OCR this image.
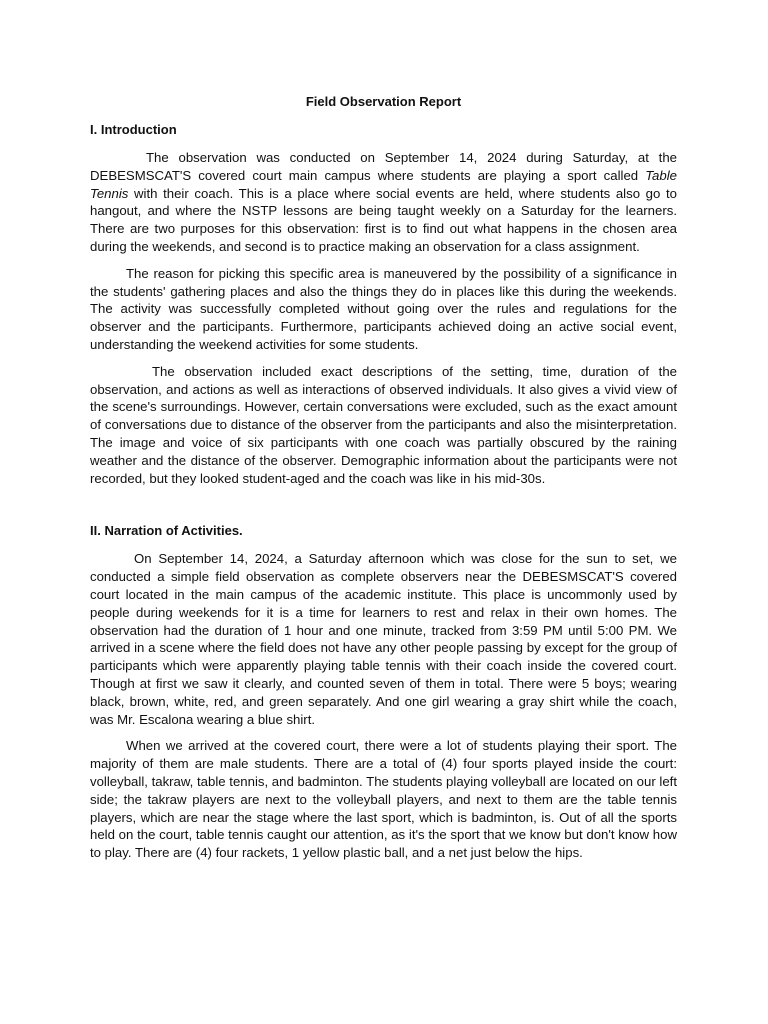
Field Observation Report
I. Introduction

The observation was conducted on September 14, 2024 during Saturday, at the DEBESMSCAT'S covered court main campus where students are playing a sport called Table Tennis with their coach. This is a place where social events are held, where students also go to hangout, and where the NSTP lessons are being taught weekly on a Saturday for the learners. There are two purposes for this observation: first is to find out what happens in the chosen area during the weekends, and second is to practice making an observation for a class assignment.

The reason for picking this specific area is maneuvered by the possibility of a significance in the students' gathering places and also the things they do in places like this during the weekends. The activity was successfully completed without going over the rules and regulations for the observer and the participants. Furthermore, participants achieved doing an active social event, understanding the weekend activities for some students.

The observation included exact descriptions of the setting, time, duration of the observation, and actions as well as interactions of observed individuals. It also gives a vivid view of the scene's surroundings. However, certain conversations were excluded, such as the exact amount of conversations due to distance of the observer from the participants and also the misinterpretation. The image and voice of six participants with one coach was partially obscured by the raining weather and the distance of the observer. Demographic information about the participants were not recorded, but they looked student-aged and the coach was like in his mid-30s.

II. Narration of Activities.

On September 14, 2024, a Saturday afternoon which was close for the sun to set, we conducted a simple field observation as complete observers near the DEBESMSCAT'S covered court located in the main campus of the academic institute. This place is uncommonly used by people during weekends for it is a time for learners to rest and relax in their own homes. The observation had the duration of 1 hour and one minute, tracked from 3:59 PM until 5:00 PM. We arrived in a scene where the field does not have any other people passing by except for the group of participants which were apparently playing table tennis with their coach inside the covered court. Though at first we saw it clearly, and counted seven of them in total. There were 5 boys; wearing black, brown, white, red, and green separately. And one girl wearing a gray shirt while the coach, was Mr. Escalona wearing a blue shirt.

When we arrived at the covered court, there were a lot of students playing their sport. The majority of them are male students. There are a total of (4) four sports played inside the court: volleyball, takraw, table tennis, and badminton. The students playing volleyball are located on our left side; the takraw players are next to the volleyball players, and next to them are the table tennis players, which are near the stage where the last sport, which is badminton, is. Out of all the sports held on the court, table tennis caught our attention, as it's the sport that we know but don't know how to play. There are (4) four rackets, 1 yellow plastic ball, and a net just below the hips.
